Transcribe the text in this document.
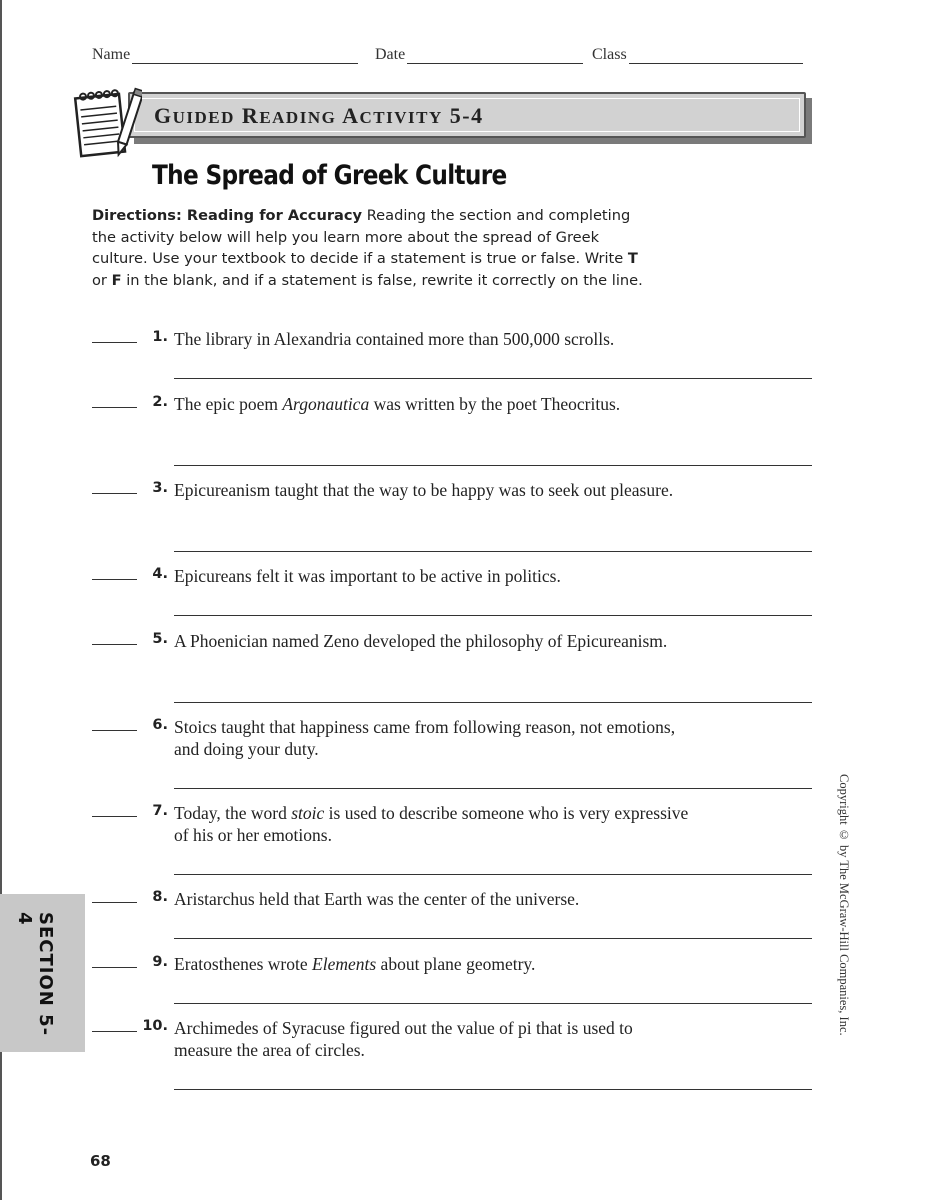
Name	Date	Class
GUIDED READING ACTIVITY 5-4
The Spread of Greek Culture
Directions: Reading for Accuracy Reading the section and completing the activity below will help you learn more about the spread of Greek culture. Use your textbook to decide if a statement is true or false. Write T or F in the blank, and if a statement is false, rewrite it correctly on the line.
1. The library in Alexandria contained more than 500,000 scrolls.
2. The epic poem Argonautica was written by the poet Theocritus.
3. Epicureanism taught that the way to be happy was to seek out pleasure.
4. Epicureans felt it was important to be active in politics.
5. A Phoenician named Zeno developed the philosophy of Epicureanism.
6. Stoics taught that happiness came from following reason, not emotions, and doing your duty.
7. Today, the word stoic is used to describe someone who is very expressive of his or her emotions.
8. Aristarchus held that Earth was the center of the universe.
9. Eratosthenes wrote Elements about plane geometry.
10. Archimedes of Syracuse figured out the value of pi that is used to measure the area of circles.
SECTION 5-4	Copyright © by The McGraw-Hill Companies, Inc.
68
